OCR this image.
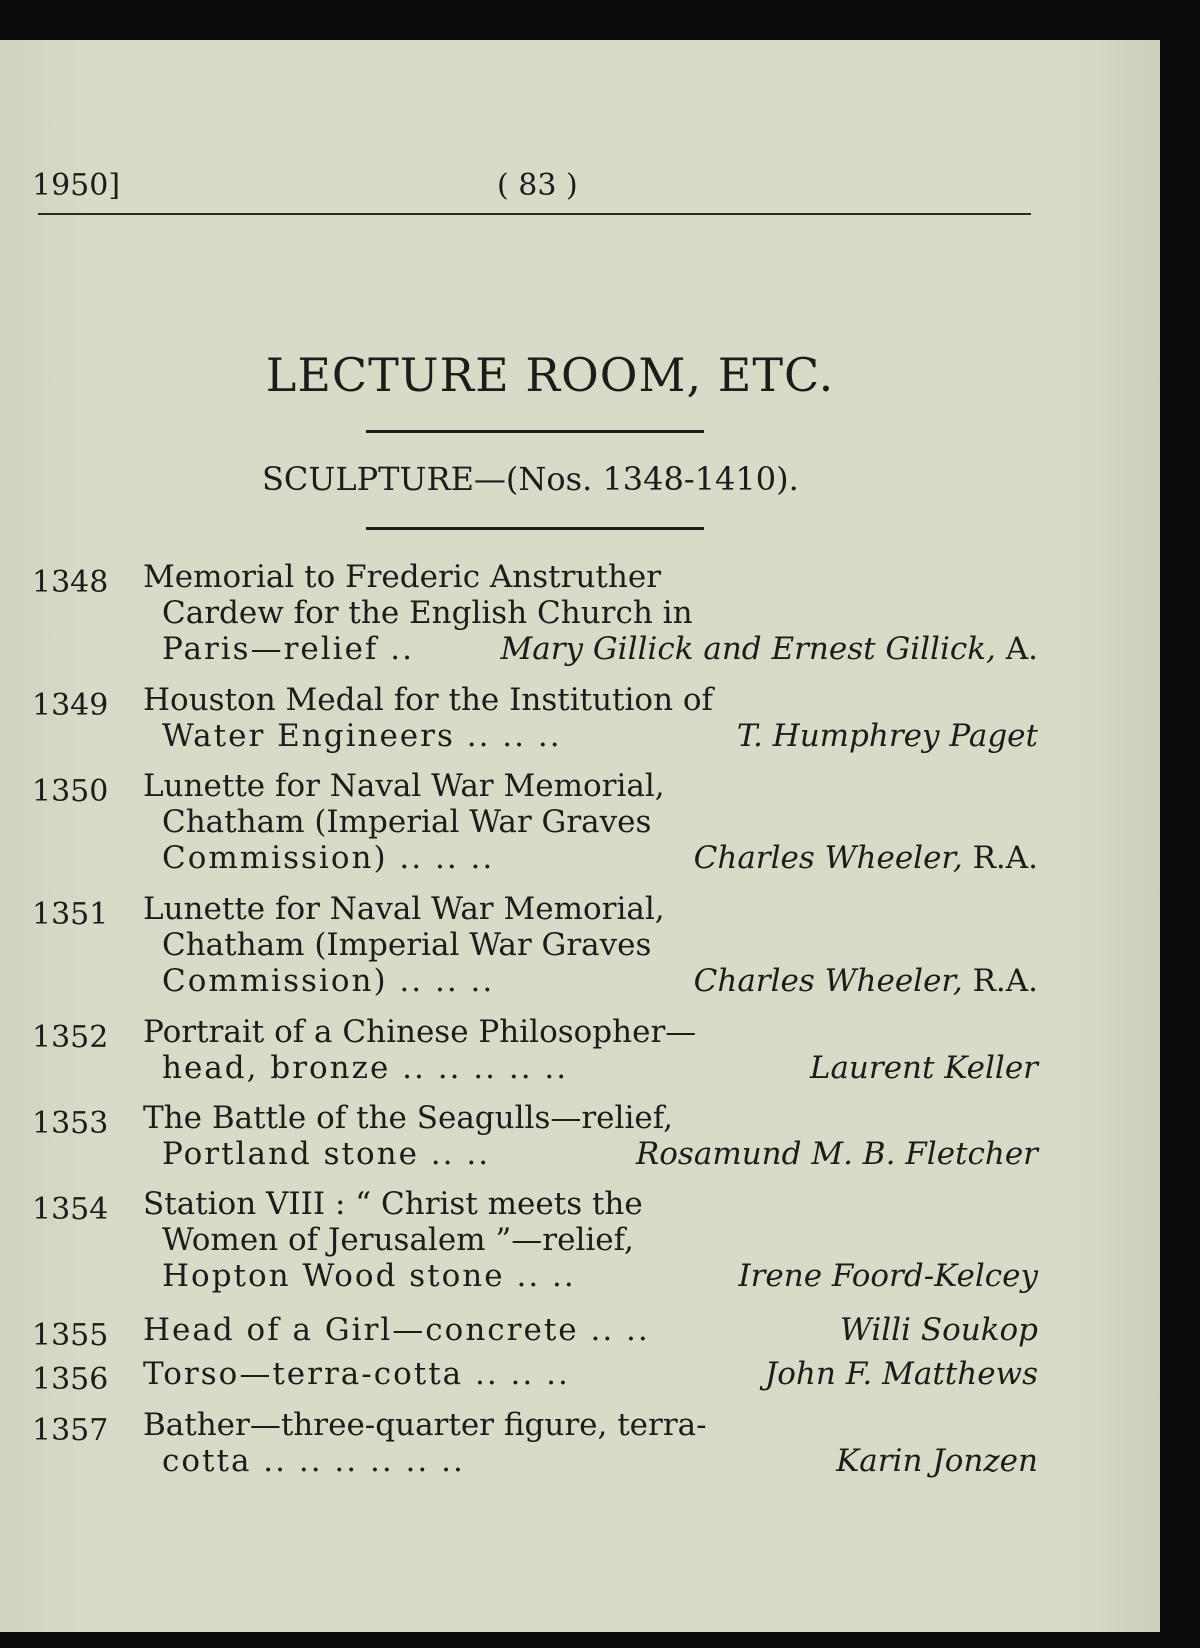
1950]	( 83 )
LECTURE ROOM, ETC.
SCULPTURE—(Nos. 1348-1410).
1348 Memorial to Frederic Anstruther
Cardew for the English Church in
Paris—relief ..	Mary Gillick and Ernest Gillick, A.
1349 Houston Medal for the Institution of
Water Engineers .. .. ..	T. Humphrey Paget
1350 Lunette for Naval War Memorial,
Chatham (Imperial War Graves
Commission) .. .. ..	Charles Wheeler, R.A.
1351 Lunette for Naval War Memorial,
Chatham (Imperial War Graves
Commission) .. .. ..	Charles Wheeler, R.A.
1352 Portrait of a Chinese Philosopher—
head, bronze .. .. .. .. ..	Laurent Keller
1353 The Battle of the Seagulls—relief,
Portland stone .. ..	Rosamund M. B. Fletcher
1354 Station VIII : “ Christ meets the
Women of Jerusalem ”—relief,
Hopton Wood stone .. ..	Irene Foord-Kelcey
1355 Head of a Girl—concrete .. ..	Willi Soukop
1356 Torso—terra-cotta .. .. ..	John F. Matthews
1357 Bather—three-quarter figure, terra-
cotta .. .. .. .. .. ..	Karin Jonzen
